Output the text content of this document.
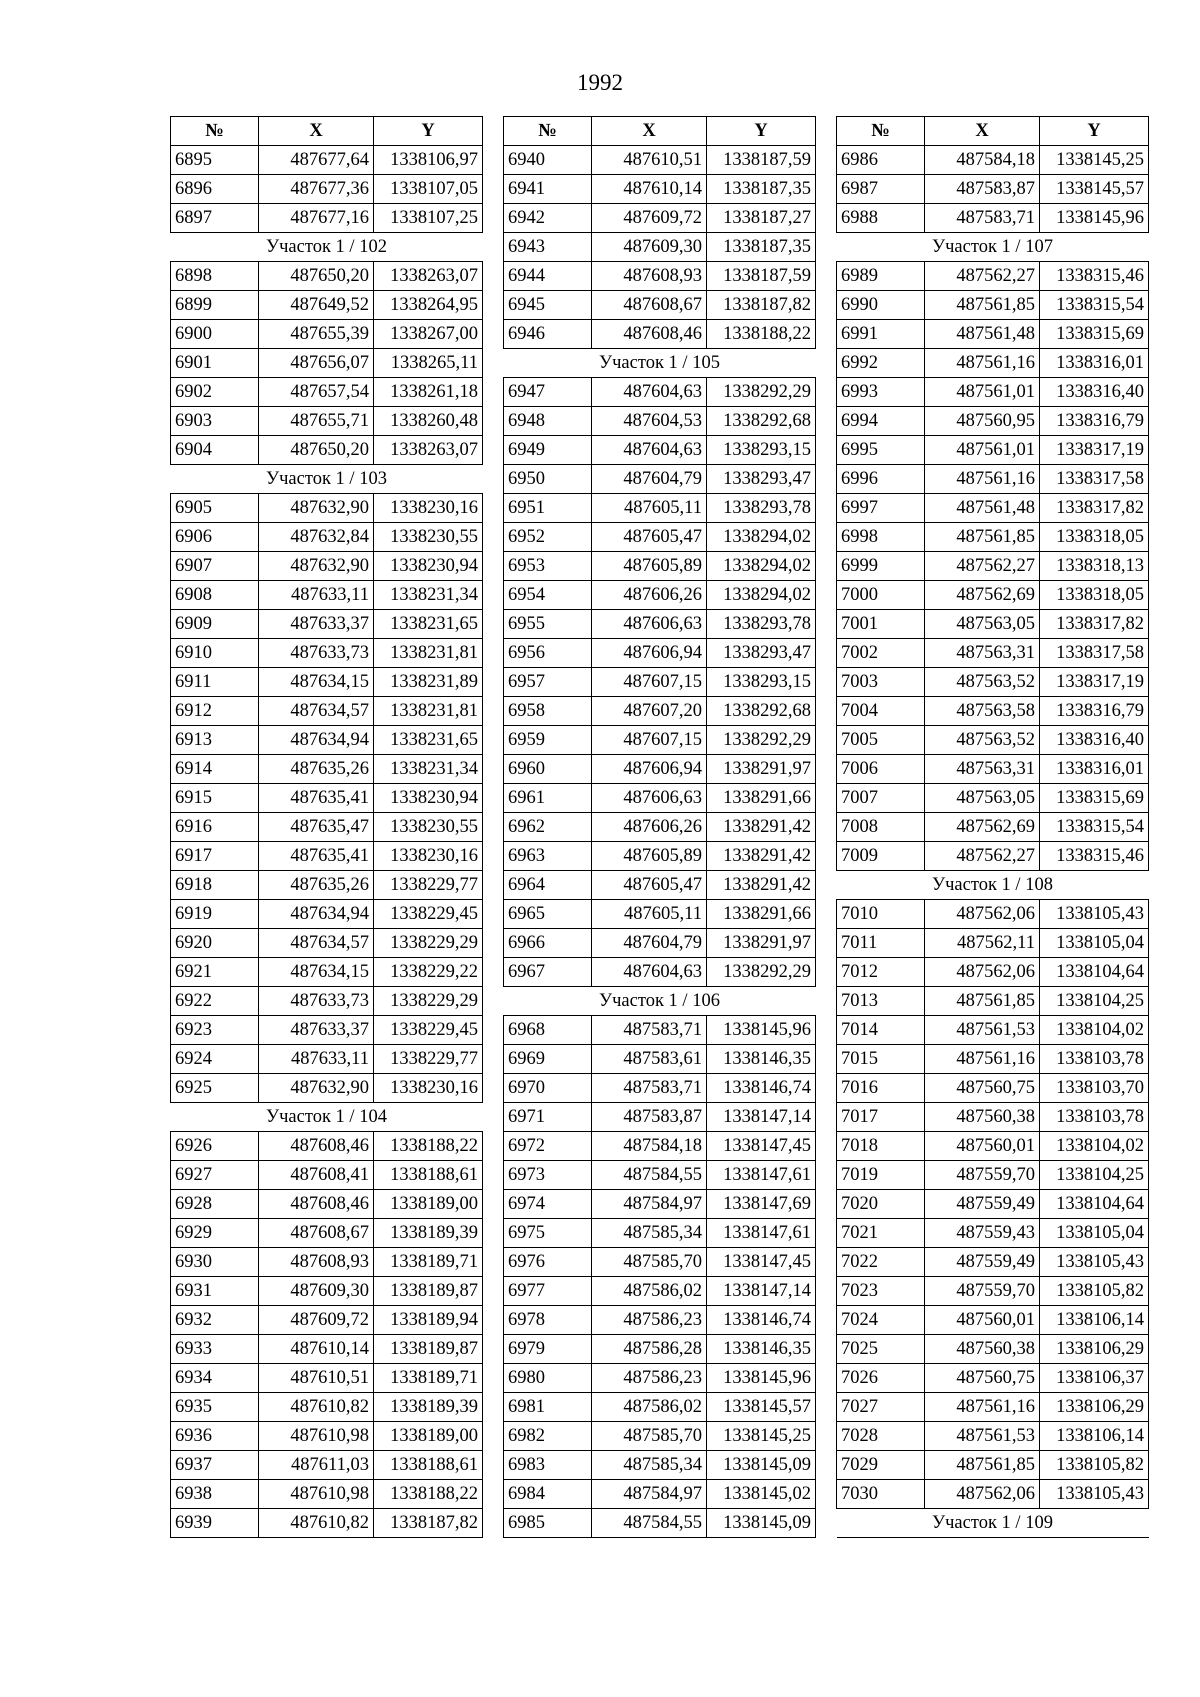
1992
№	X	Y
6895	487677,64	1338106,97
6896	487677,36	1338107,05
6897	487677,16	1338107,25
Участок 1 / 102		
6898	487650,20	1338263,07
6899	487649,52	1338264,95
6900	487655,39	1338267,00
6901	487656,07	1338265,11
6902	487657,54	1338261,18
6903	487655,71	1338260,48
6904	487650,20	1338263,07
Участок 1 / 103		
6905	487632,90	1338230,16
6906	487632,84	1338230,55
6907	487632,90	1338230,94
6908	487633,11	1338231,34
6909	487633,37	1338231,65
6910	487633,73	1338231,81
6911	487634,15	1338231,89
6912	487634,57	1338231,81
6913	487634,94	1338231,65
6914	487635,26	1338231,34
6915	487635,41	1338230,94
6916	487635,47	1338230,55
6917	487635,41	1338230,16
6918	487635,26	1338229,77
6919	487634,94	1338229,45
6920	487634,57	1338229,29
6921	487634,15	1338229,22
6922	487633,73	1338229,29
6923	487633,37	1338229,45
6924	487633,11	1338229,77
6925	487632,90	1338230,16
Участок 1 / 104		
6926	487608,46	1338188,22
6927	487608,41	1338188,61
6928	487608,46	1338189,00
6929	487608,67	1338189,39
6930	487608,93	1338189,71
6931	487609,30	1338189,87
6932	487609,72	1338189,94
6933	487610,14	1338189,87
6934	487610,51	1338189,71
6935	487610,82	1338189,39
6936	487610,98	1338189,00
6937	487611,03	1338188,61
6938	487610,98	1338188,22
6939	487610,82	1338187,82
№	X	Y
6940	487610,51	1338187,59
6941	487610,14	1338187,35
6942	487609,72	1338187,27
6943	487609,30	1338187,35
6944	487608,93	1338187,59
6945	487608,67	1338187,82
6946	487608,46	1338188,22
Участок 1 / 105		
6947	487604,63	1338292,29
6948	487604,53	1338292,68
6949	487604,63	1338293,15
6950	487604,79	1338293,47
6951	487605,11	1338293,78
6952	487605,47	1338294,02
6953	487605,89	1338294,02
6954	487606,26	1338294,02
6955	487606,63	1338293,78
6956	487606,94	1338293,47
6957	487607,15	1338293,15
6958	487607,20	1338292,68
6959	487607,15	1338292,29
6960	487606,94	1338291,97
6961	487606,63	1338291,66
6962	487606,26	1338291,42
6963	487605,89	1338291,42
6964	487605,47	1338291,42
6965	487605,11	1338291,66
6966	487604,79	1338291,97
6967	487604,63	1338292,29
Участок 1 / 106		
6968	487583,71	1338145,96
6969	487583,61	1338146,35
6970	487583,71	1338146,74
6971	487583,87	1338147,14
6972	487584,18	1338147,45
6973	487584,55	1338147,61
6974	487584,97	1338147,69
6975	487585,34	1338147,61
6976	487585,70	1338147,45
6977	487586,02	1338147,14
6978	487586,23	1338146,74
6979	487586,28	1338146,35
6980	487586,23	1338145,96
6981	487586,02	1338145,57
6982	487585,70	1338145,25
6983	487585,34	1338145,09
6984	487584,97	1338145,02
6985	487584,55	1338145,09
№	X	Y
6986	487584,18	1338145,25
6987	487583,87	1338145,57
6988	487583,71	1338145,96
Участок 1 / 107		
6989	487562,27	1338315,46
6990	487561,85	1338315,54
6991	487561,48	1338315,69
6992	487561,16	1338316,01
6993	487561,01	1338316,40
6994	487560,95	1338316,79
6995	487561,01	1338317,19
6996	487561,16	1338317,58
6997	487561,48	1338317,82
6998	487561,85	1338318,05
6999	487562,27	1338318,13
7000	487562,69	1338318,05
7001	487563,05	1338317,82
7002	487563,31	1338317,58
7003	487563,52	1338317,19
7004	487563,58	1338316,79
7005	487563,52	1338316,40
7006	487563,31	1338316,01
7007	487563,05	1338315,69
7008	487562,69	1338315,54
7009	487562,27	1338315,46
Участок 1 / 108		
7010	487562,06	1338105,43
7011	487562,11	1338105,04
7012	487562,06	1338104,64
7013	487561,85	1338104,25
7014	487561,53	1338104,02
7015	487561,16	1338103,78
7016	487560,75	1338103,70
7017	487560,38	1338103,78
7018	487560,01	1338104,02
7019	487559,70	1338104,25
7020	487559,49	1338104,64
7021	487559,43	1338105,04
7022	487559,49	1338105,43
7023	487559,70	1338105,82
7024	487560,01	1338106,14
7025	487560,38	1338106,29
7026	487560,75	1338106,37
7027	487561,16	1338106,29
7028	487561,53	1338106,14
7029	487561,85	1338105,82
7030	487562,06	1338105,43
Участок 1 / 109		
